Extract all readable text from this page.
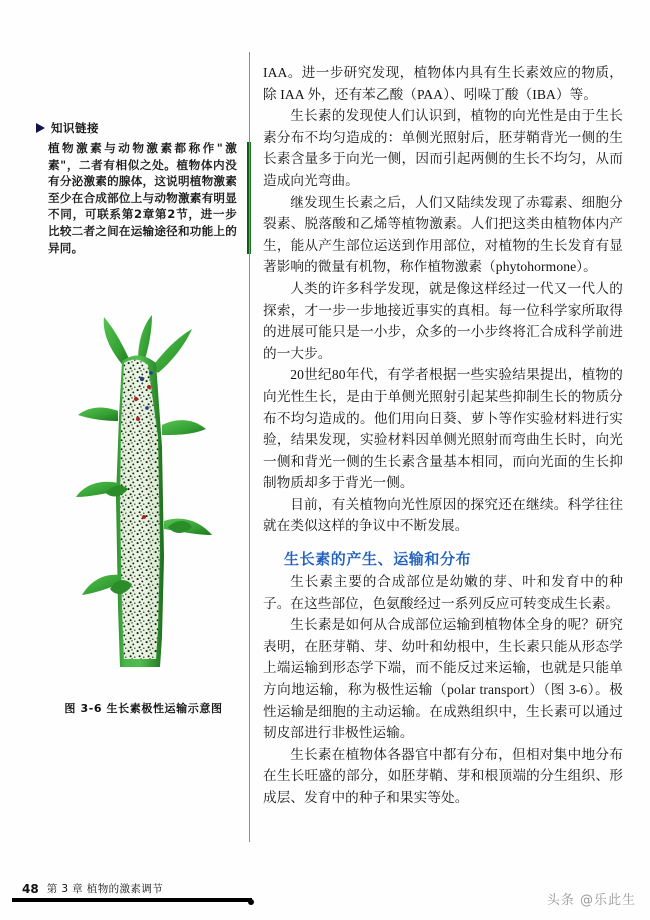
知识链接
植物激素与动物激素都称作"激素"，二者有相似之处。植物体内没有分泌激素的腺体，这说明植物激素至少在合成部位上与动物激素有明显不同，可联系第2章第2节，进一步比较二者之间在运输途径和功能上的异同。
图 3-6 生长素极性运输示意图

IAA。进一步研究发现，植物体内具有生长素效应的物质，除 IAA 外，还有苯乙酸（PAA）、吲哚丁酸（IBA）等。

生长素的发现使人们认识到，植物的向光性是由于生长素分布不均匀造成的：单侧光照射后，胚芽鞘背光一侧的生长素含量多于向光一侧，因而引起两侧的生长不均匀，从而造成向光弯曲。

继发现生长素之后，人们又陆续发现了赤霉素、细胞分裂素、脱落酸和乙烯等植物激素。人们把这类由植物体内产生，能从产生部位运送到作用部位，对植物的生长发育有显著影响的微量有机物，称作植物激素（phytohormone）。

人类的许多科学发现，就是像这样经过一代又一代人的探索，才一步一步地接近事实的真相。每一位科学家所取得的进展可能只是一小步，众多的一小步终将汇合成科学前进的一大步。

20世纪80年代，有学者根据一些实验结果提出，植物的向光性生长，是由于单侧光照射引起某些抑制生长的物质分布不均匀造成的。他们用向日葵、萝卜等作实验材料进行实验，结果发现，实验材料因单侧光照射而弯曲生长时，向光一侧和背光一侧的生长素含量基本相同，而向光面的生长抑制物质却多于背光一侧。

目前，有关植物向光性原因的探究还在继续。科学往往就在类似这样的争议中不断发展。

生长素的产生、运输和分布

生长素主要的合成部位是幼嫩的芽、叶和发育中的种子。在这些部位，色氨酸经过一系列反应可转变成生长素。

生长素是如何从合成部位运输到植物体全身的呢？研究表明，在胚芽鞘、芽、幼叶和幼根中，生长素只能从形态学上端运输到形态学下端，而不能反过来运输，也就是只能单方向地运输，称为极性运输（polar transport）（图 3-6）。极性运输是细胞的主动运输。在成熟组织中，生长素可以通过韧皮部进行非极性运输。

生长素在植物体各器官中都有分布，但相对集中地分布在生长旺盛的部分，如胚芽鞘、芽和根顶端的分生组织、形成层、发育中的种子和果实等处。

48 第 3 章 植物的激素调节
头条 @乐此生
